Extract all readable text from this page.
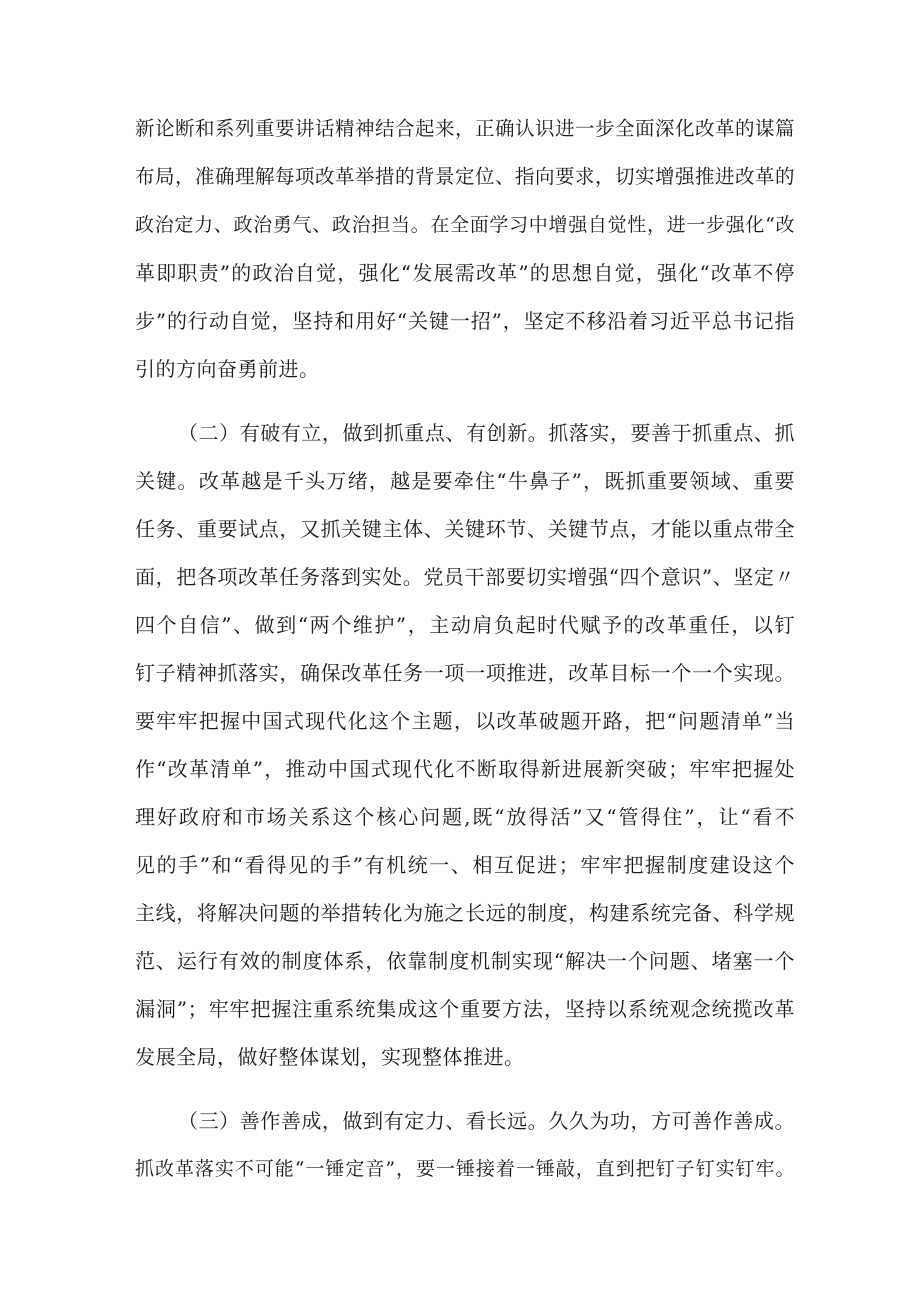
新论断和系列重要讲话精神结合起来，正确认识进一步全面深化改革的谋篇
布局，准确理解每项改革举措的背景定位、指向要求，切实增强推进改革的
政治定力、政治勇气、政治担当。在全面学习中增强自觉性，进一步强化“改
革即职责”的政治自觉，强化“发展需改革”的思想自觉，强化“改革不停
步”的行动自觉，坚持和用好“关键一招”，坚定不移沿着习近平总书记指
引的方向奋勇前进。
（二）有破有立，做到抓重点、有创新。抓落实，要善于抓重点、抓
关键。改革越是千头万绪，越是要牵住“牛鼻子”，既抓重要领域、重要
任务、重要试点，又抓关键主体、关键环节、关键节点，才能以重点带全
面，把各项改革任务落到实处。党员干部要切实增强“四个意识”、坚定〃
四个自信”、做到“两个维护”，主动肩负起时代赋予的改革重任，以钉
钉子精神抓落实，确保改革任务一项一项推进，改革目标一个一个实现。
要牢牢把握中国式现代化这个主题，以改革破题开路，把“问题清单”当
作“改革清单”，推动中国式现代化不断取得新进展新突破；牢牢把握处
理好政府和市场关系这个核心问题,既“放得活”又“管得住”，让“看不
见的手”和“看得见的手”有机统一、相互促进；牢牢把握制度建设这个
主线，将解决问题的举措转化为施之长远的制度，构建系统完备、科学规
范、运行有效的制度体系，依靠制度机制实现“解决一个问题、堵塞一个
漏洞”；牢牢把握注重系统集成这个重要方法，坚持以系统观念统揽改革
发展全局，做好整体谋划，实现整体推进。
（三）善作善成，做到有定力、看长远。久久为功，方可善作善成。
抓改革落实不可能“一锤定音”，要一锤接着一锤敲，直到把钉子钉实钉牢。
